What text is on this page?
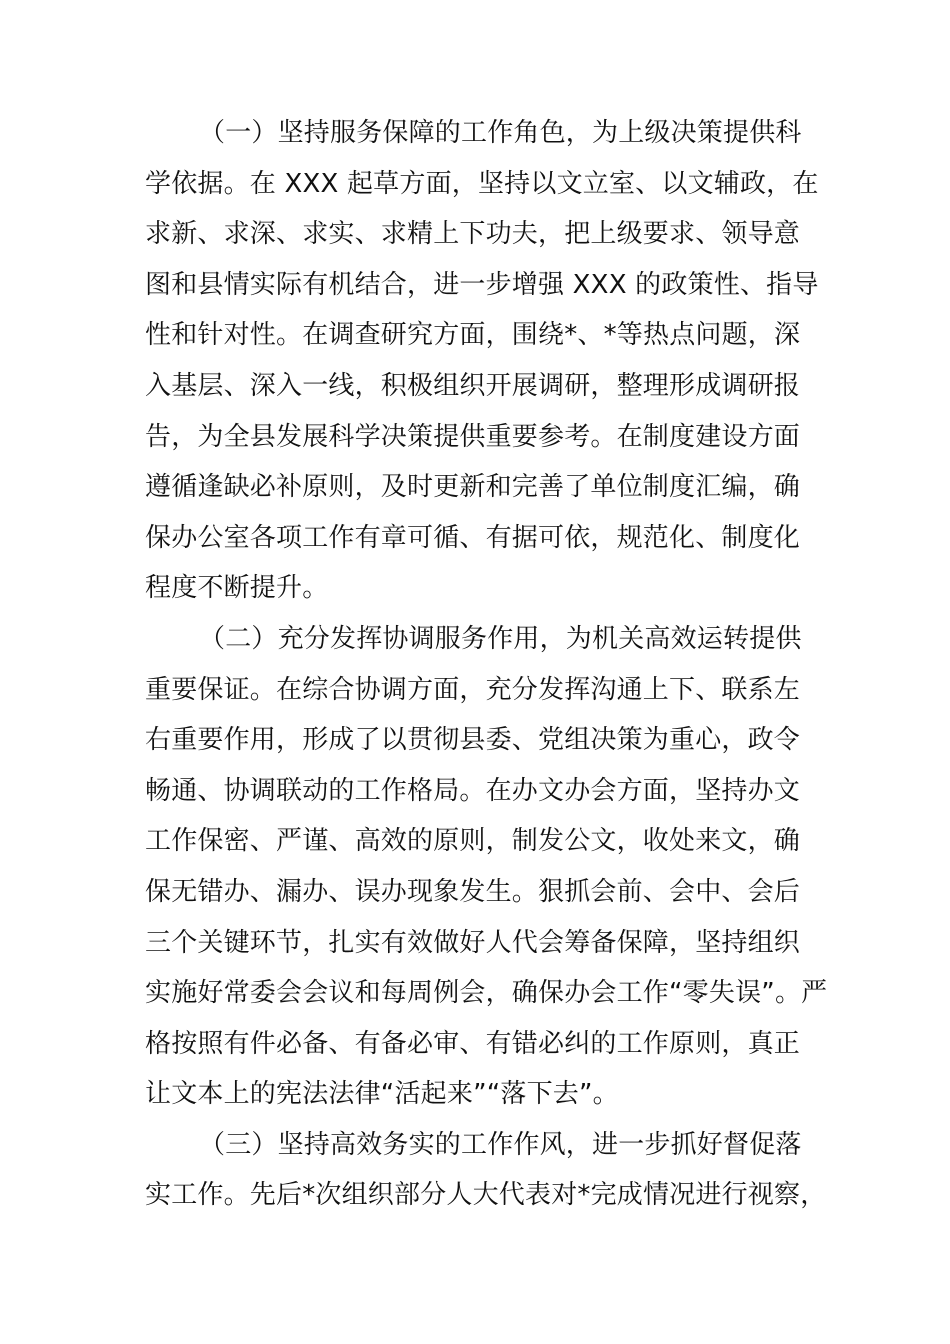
（一）坚持服务保障的工作角色，为上级决策提供科
学依据。在 XXX 起草方面，坚持以文立室、以文辅政，在
求新、求深、求实、求精上下功夫，把上级要求、领导意
图和县情实际有机结合，进一步增强 XXX 的政策性、指导
性和针对性。在调查研究方面，围绕*、*等热点问题，深
入基层、深入一线，积极组织开展调研，整理形成调研报
告，为全县发展科学决策提供重要参考。在制度建设方面
遵循逢缺必补原则，及时更新和完善了单位制度汇编，确
保办公室各项工作有章可循、有据可依，规范化、制度化
程度不断提升。
（二）充分发挥协调服务作用，为机关高效运转提供
重要保证。在综合协调方面，充分发挥沟通上下、联系左
右重要作用，形成了以贯彻县委、党组决策为重心，政令
畅通、协调联动的工作格局。在办文办会方面，坚持办文
工作保密、严谨、高效的原则，制发公文，收处来文，确
保无错办、漏办、误办现象发生。狠抓会前、会中、会后
三个关键环节，扎实有效做好人代会筹备保障，坚持组织
实施好常委会会议和每周例会，确保办会工作“零失误”。严
格按照有件必备、有备必审、有错必纠的工作原则，真正
让文本上的宪法法律“活起来”“落下去”。
（三）坚持高效务实的工作作风，进一步抓好督促落
实工作。先后*次组织部分人大代表对*完成情况进行视察，
